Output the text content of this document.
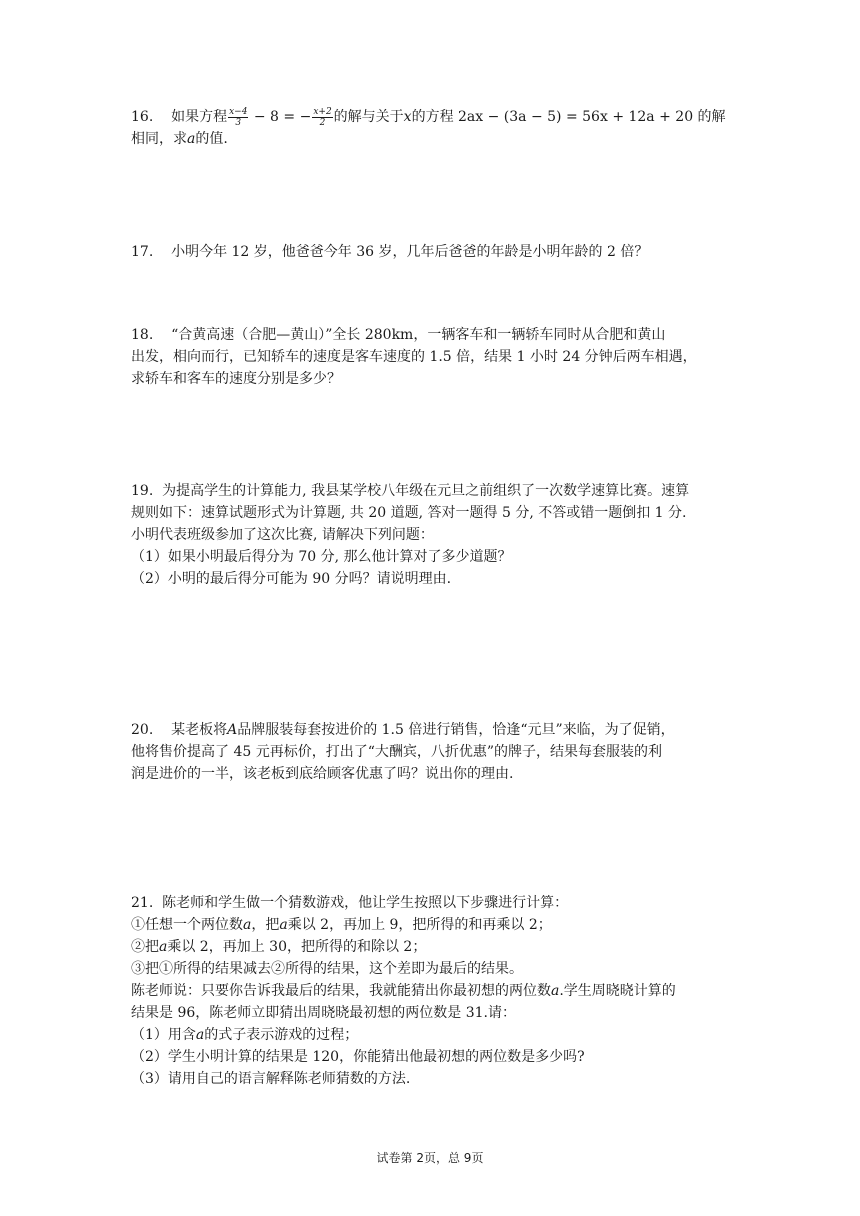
16. 如果方程 $\frac{x-4}{3} - 8$ = − $\frac{x+2}{2}$ 的解与关于x的方程 2ax − (3a − 5) = 56x + 12a + 20 的解
相同，求a的值.
17. 小明今年 12 岁，他爸爸今年 36 岁，几年后爸爸的年龄是小明年龄的 2 倍？
18. “合黄高速（合肥—黄山）”全长 280km，一辆客车和一辆轿车同时从合肥和黄山
出发，相向而行，已知轿车的速度是客车速度的 1.5 倍，结果 1 小时 24 分钟后两车相遇，
求轿车和客车的速度分别是多少？
19. 为提高学生的计算能力, 我县某学校八年级在元旦之前组织了一次数学速算比赛。速算
规则如下：速算试题形式为计算题, 共 20 道题, 答对一题得 5 分, 不答或错一题倒扣 1 分.
小明代表班级参加了这次比赛, 请解决下列问题：
（1）如果小明最后得分为 70 分, 那么他计算对了多少道题？
（2）小明的最后得分可能为 90 分吗？请说明理由.
20. 某老板将A品牌服装每套按进价的 1.5 倍进行销售，恰逢“元旦”来临，为了促销，
他将售价提高了 45 元再标价，打出了“大酬宾，八折优惠”的牌子，结果每套服装的利
润是进价的一半，该老板到底给顾客优惠了吗？说出你的理由.
21. 陈老师和学生做一个猜数游戏，他让学生按照以下步骤进行计算：
①任想一个两位数a，把a乘以 2，再加上 9，把所得的和再乘以 2；
②把a乘以 2，再加上 30，把所得的和除以 2；
③把①所得的结果减去②所得的结果，这个差即为最后的结果。
陈老师说：只要你告诉我最后的结果，我就能猜出你最初想的两位数a.学生周晓晓计算的
结果是 96，陈老师立即猜出周晓晓最初想的两位数是 31.请：
（1）用含a的式子表示游戏的过程；
（2）学生小明计算的结果是 120，你能猜出他最初想的两位数是多少吗?
（3）请用自己的语言解释陈老师猜数的方法.
试卷第 2页，总 9页
